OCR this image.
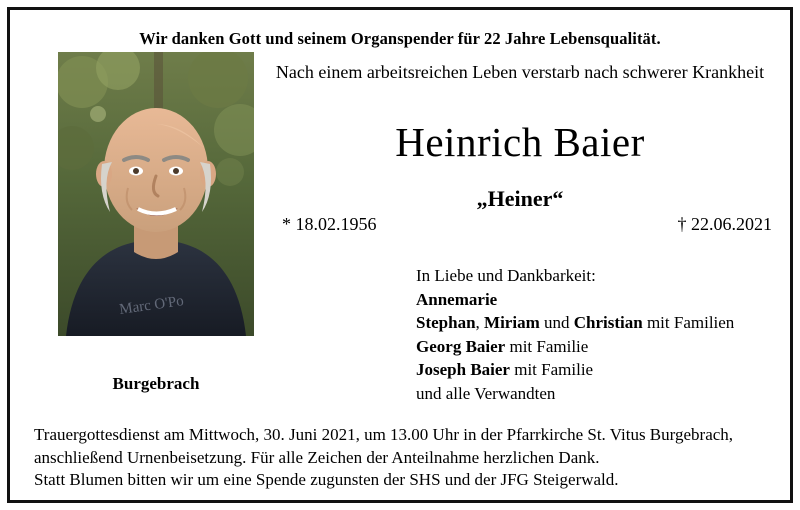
Wir danken Gott und seinem Organspender für 22 Jahre Lebensqualität.
Nach einem arbeitsreichen Leben verstarb nach schwerer Krankheit
Marc O'Po
Heinrich Baier
„Heiner“
* 18.02.1956	† 22.06.2021
In Liebe und Dankbarkeit:
Annemarie
Stephan, Miriam und Christian mit Familien
Georg Baier mit Familie
Joseph Baier mit Familie
und alle Verwandten
Burgebrach
Trauergottesdienst am Mittwoch, 30. Juni 2021, um 13.00 Uhr in der Pfarrkirche St. Vitus Burgebrach,
anschließend Urnenbeisetzung. Für alle Zeichen der Anteilnahme herzlichen Dank.
Statt Blumen bitten wir um eine Spende zugunsten der SHS und der JFG Steigerwald.
